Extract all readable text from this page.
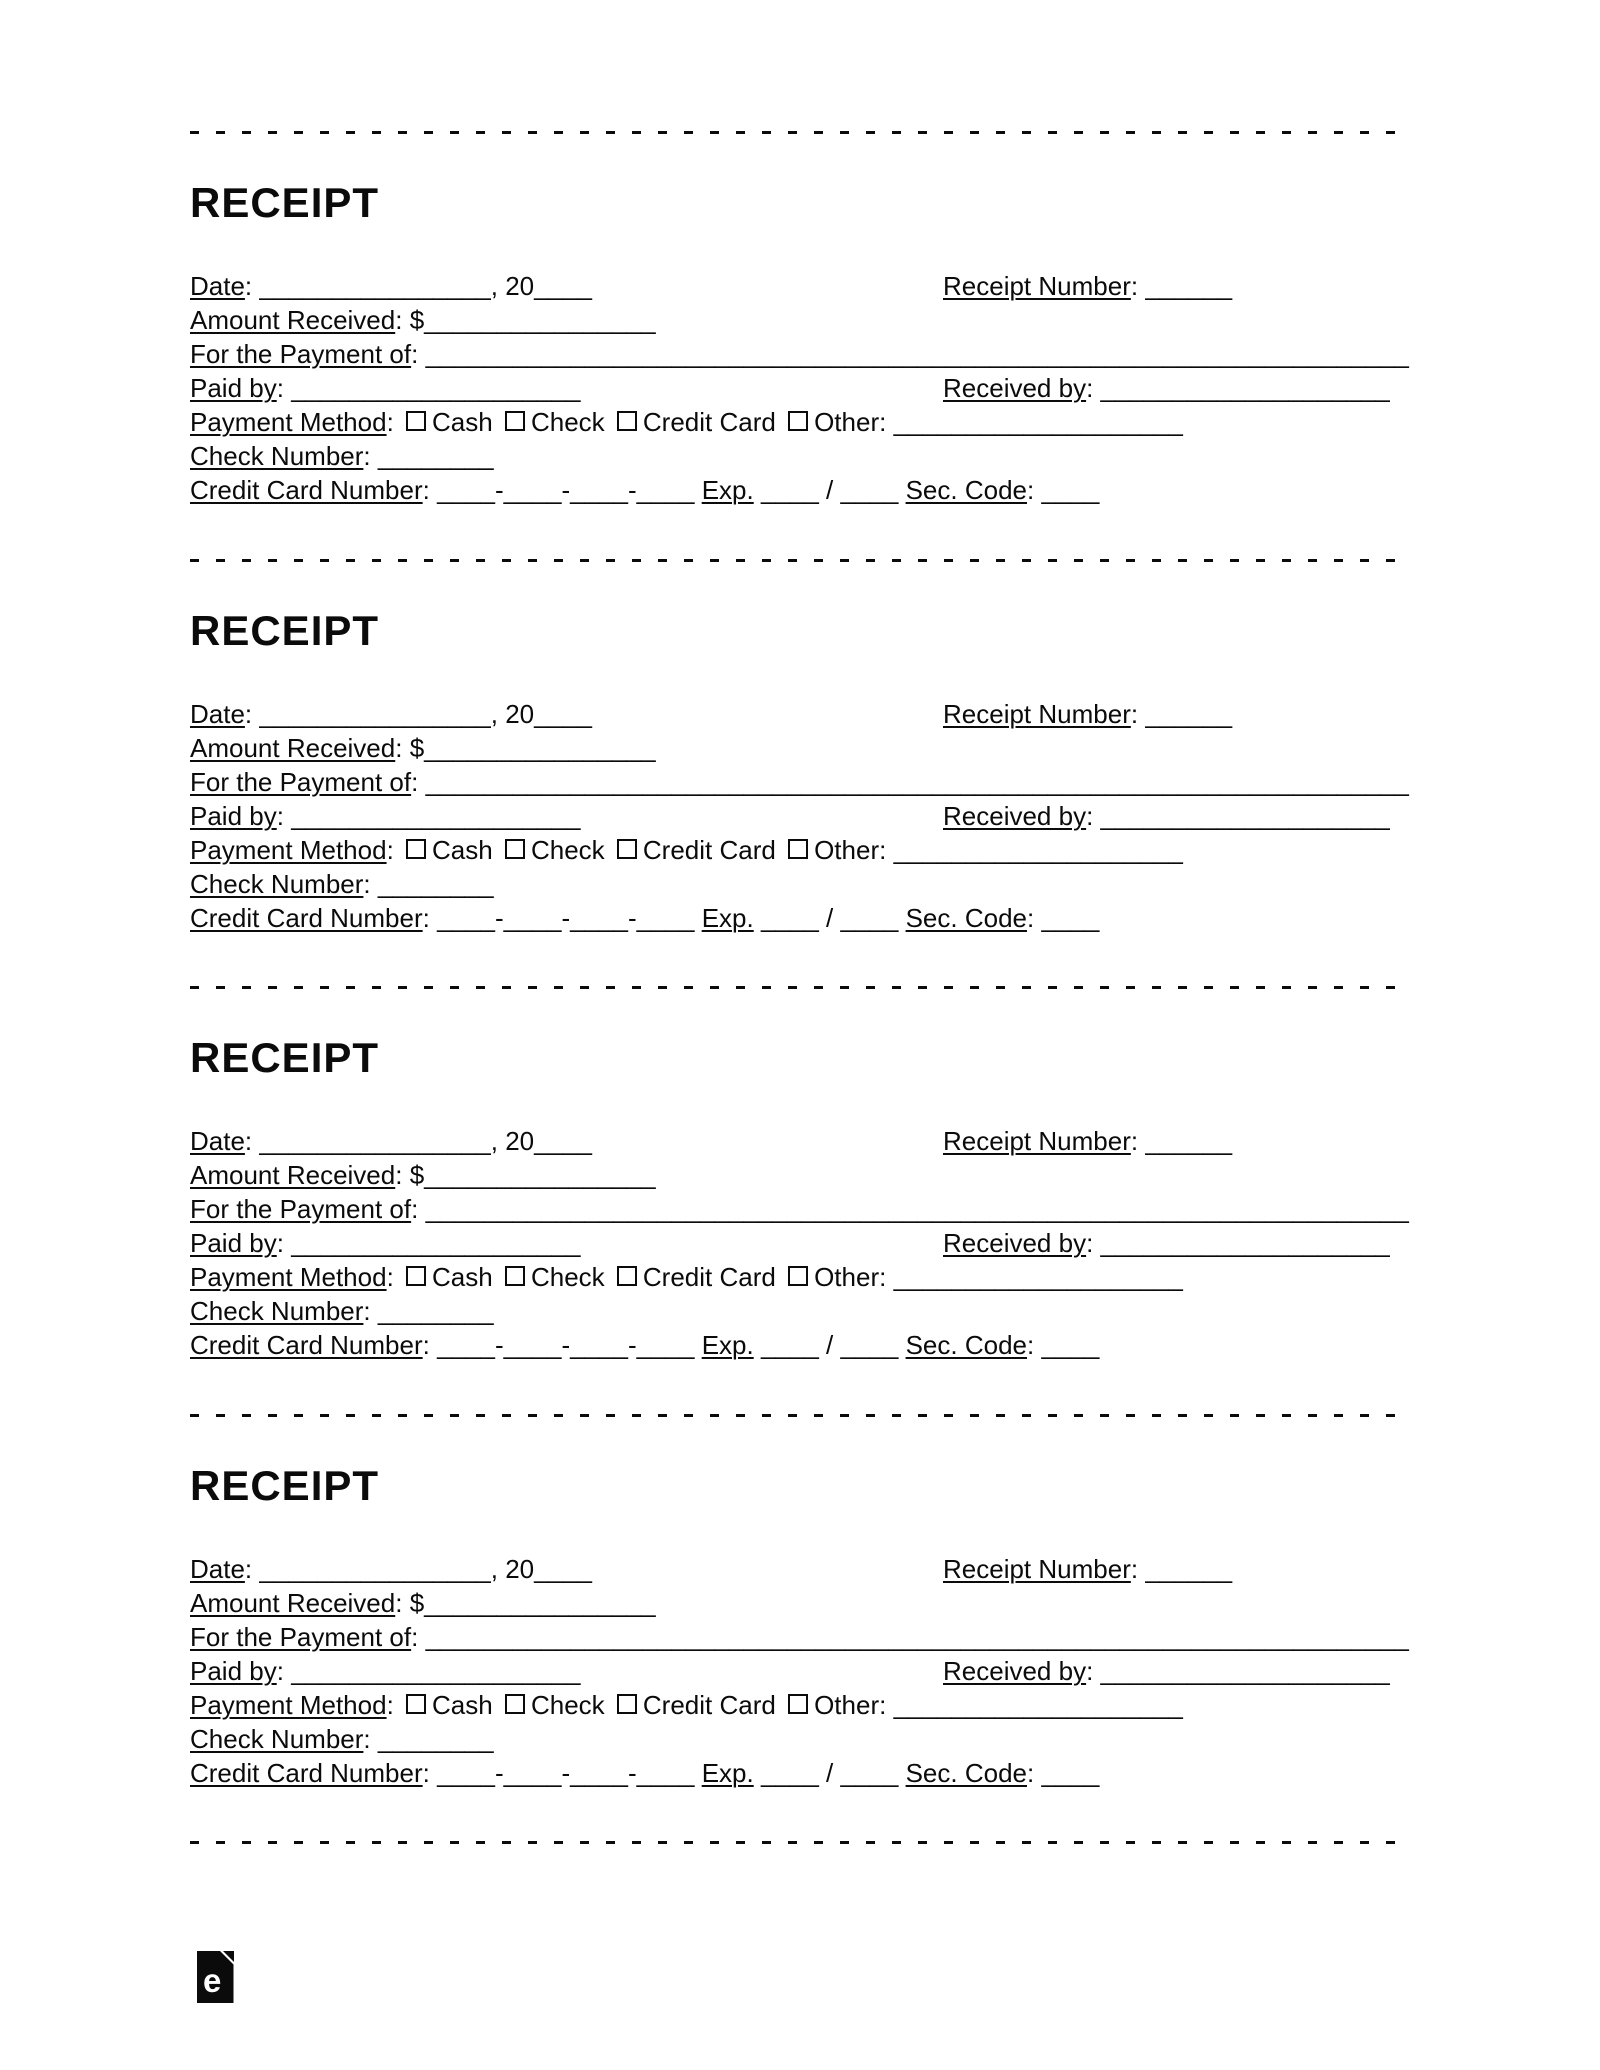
RECEIPT
Date: ________________, 20____	Receipt Number: ______
Amount Received: $________________
For the Payment of: ____________________________________________________________________
Paid by: ____________________	Received by: ____________________
Payment Method: Cash Check Credit Card Other: ____________________
Check Number: ________
Credit Card Number: ____-____-____-____ Exp. ____ / ____ Sec. Code: ____
RECEIPT
Date: ________________, 20____	Receipt Number: ______
Amount Received: $________________
For the Payment of: ____________________________________________________________________
Paid by: ____________________	Received by: ____________________
Payment Method: Cash Check Credit Card Other: ____________________
Check Number: ________
Credit Card Number: ____-____-____-____ Exp. ____ / ____ Sec. Code: ____
RECEIPT
Date: ________________, 20____	Receipt Number: ______
Amount Received: $________________
For the Payment of: ____________________________________________________________________
Paid by: ____________________	Received by: ____________________
Payment Method: Cash Check Credit Card Other: ____________________
Check Number: ________
Credit Card Number: ____-____-____-____ Exp. ____ / ____ Sec. Code: ____
RECEIPT
Date: ________________, 20____	Receipt Number: ______
Amount Received: $________________
For the Payment of: ____________________________________________________________________
Paid by: ____________________	Received by: ____________________
Payment Method: Cash Check Credit Card Other: ____________________
Check Number: ________
Credit Card Number: ____-____-____-____ Exp. ____ / ____ Sec. Code: ____
e
